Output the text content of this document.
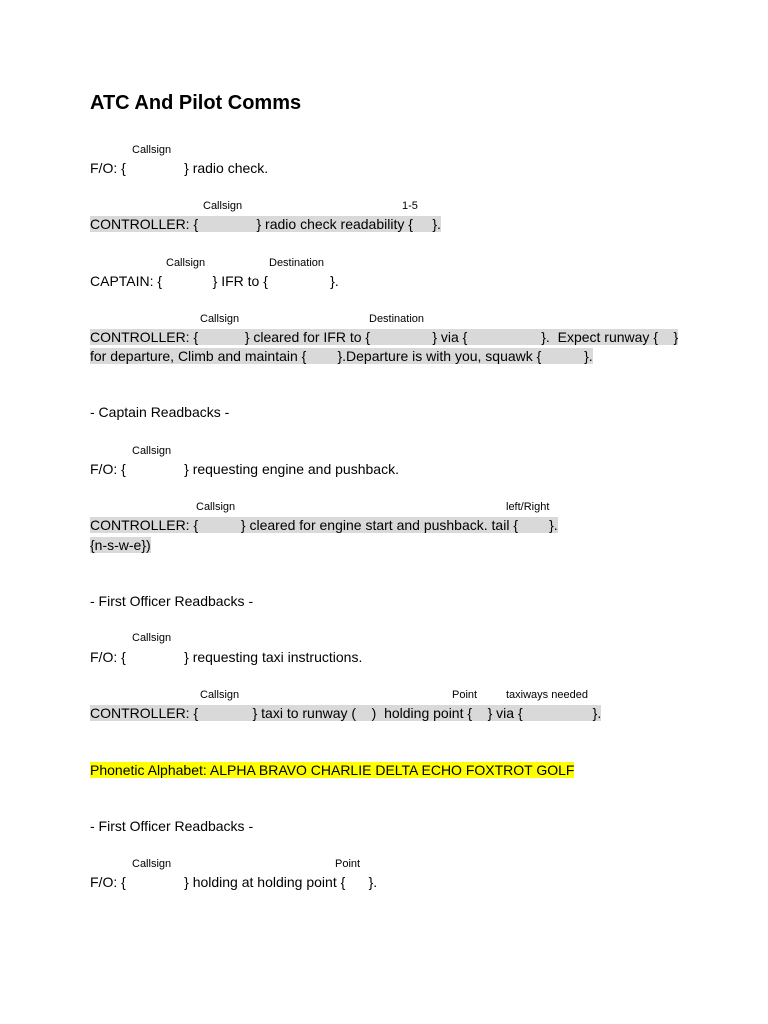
ATC And Pilot Comms
Callsign
F/O: {               } radio check.
Callsign	1-5
CONTROLLER: {               } radio check readability {     }.
Callsign	Destination
CAPTAIN: {             } IFR to {                }.
Callsign	Destination
CONTROLLER: {            } cleared for IFR to {                } via {                   }.  Expect runway {    }
for departure, Climb and maintain {        }.Departure is with you, squawk {           }.
- Captain Readbacks -
Callsign
F/O: {               } requesting engine and pushback.
Callsign	left/Right
CONTROLLER: {           } cleared for engine start and pushback. tail {        }.
{n-s-w-e})
- First Officer Readbacks -
Callsign
F/O: {               } requesting taxi instructions.
Callsign	Point	taxiways needed
CONTROLLER: {              } taxi to runway (    )  holding point {    } via {                  }.
Phonetic Alphabet: ALPHA BRAVO CHARLIE DELTA ECHO FOXTROT GOLF
- First Officer Readbacks -
Callsign	Point
F/O: {               } holding at holding point {      }.
